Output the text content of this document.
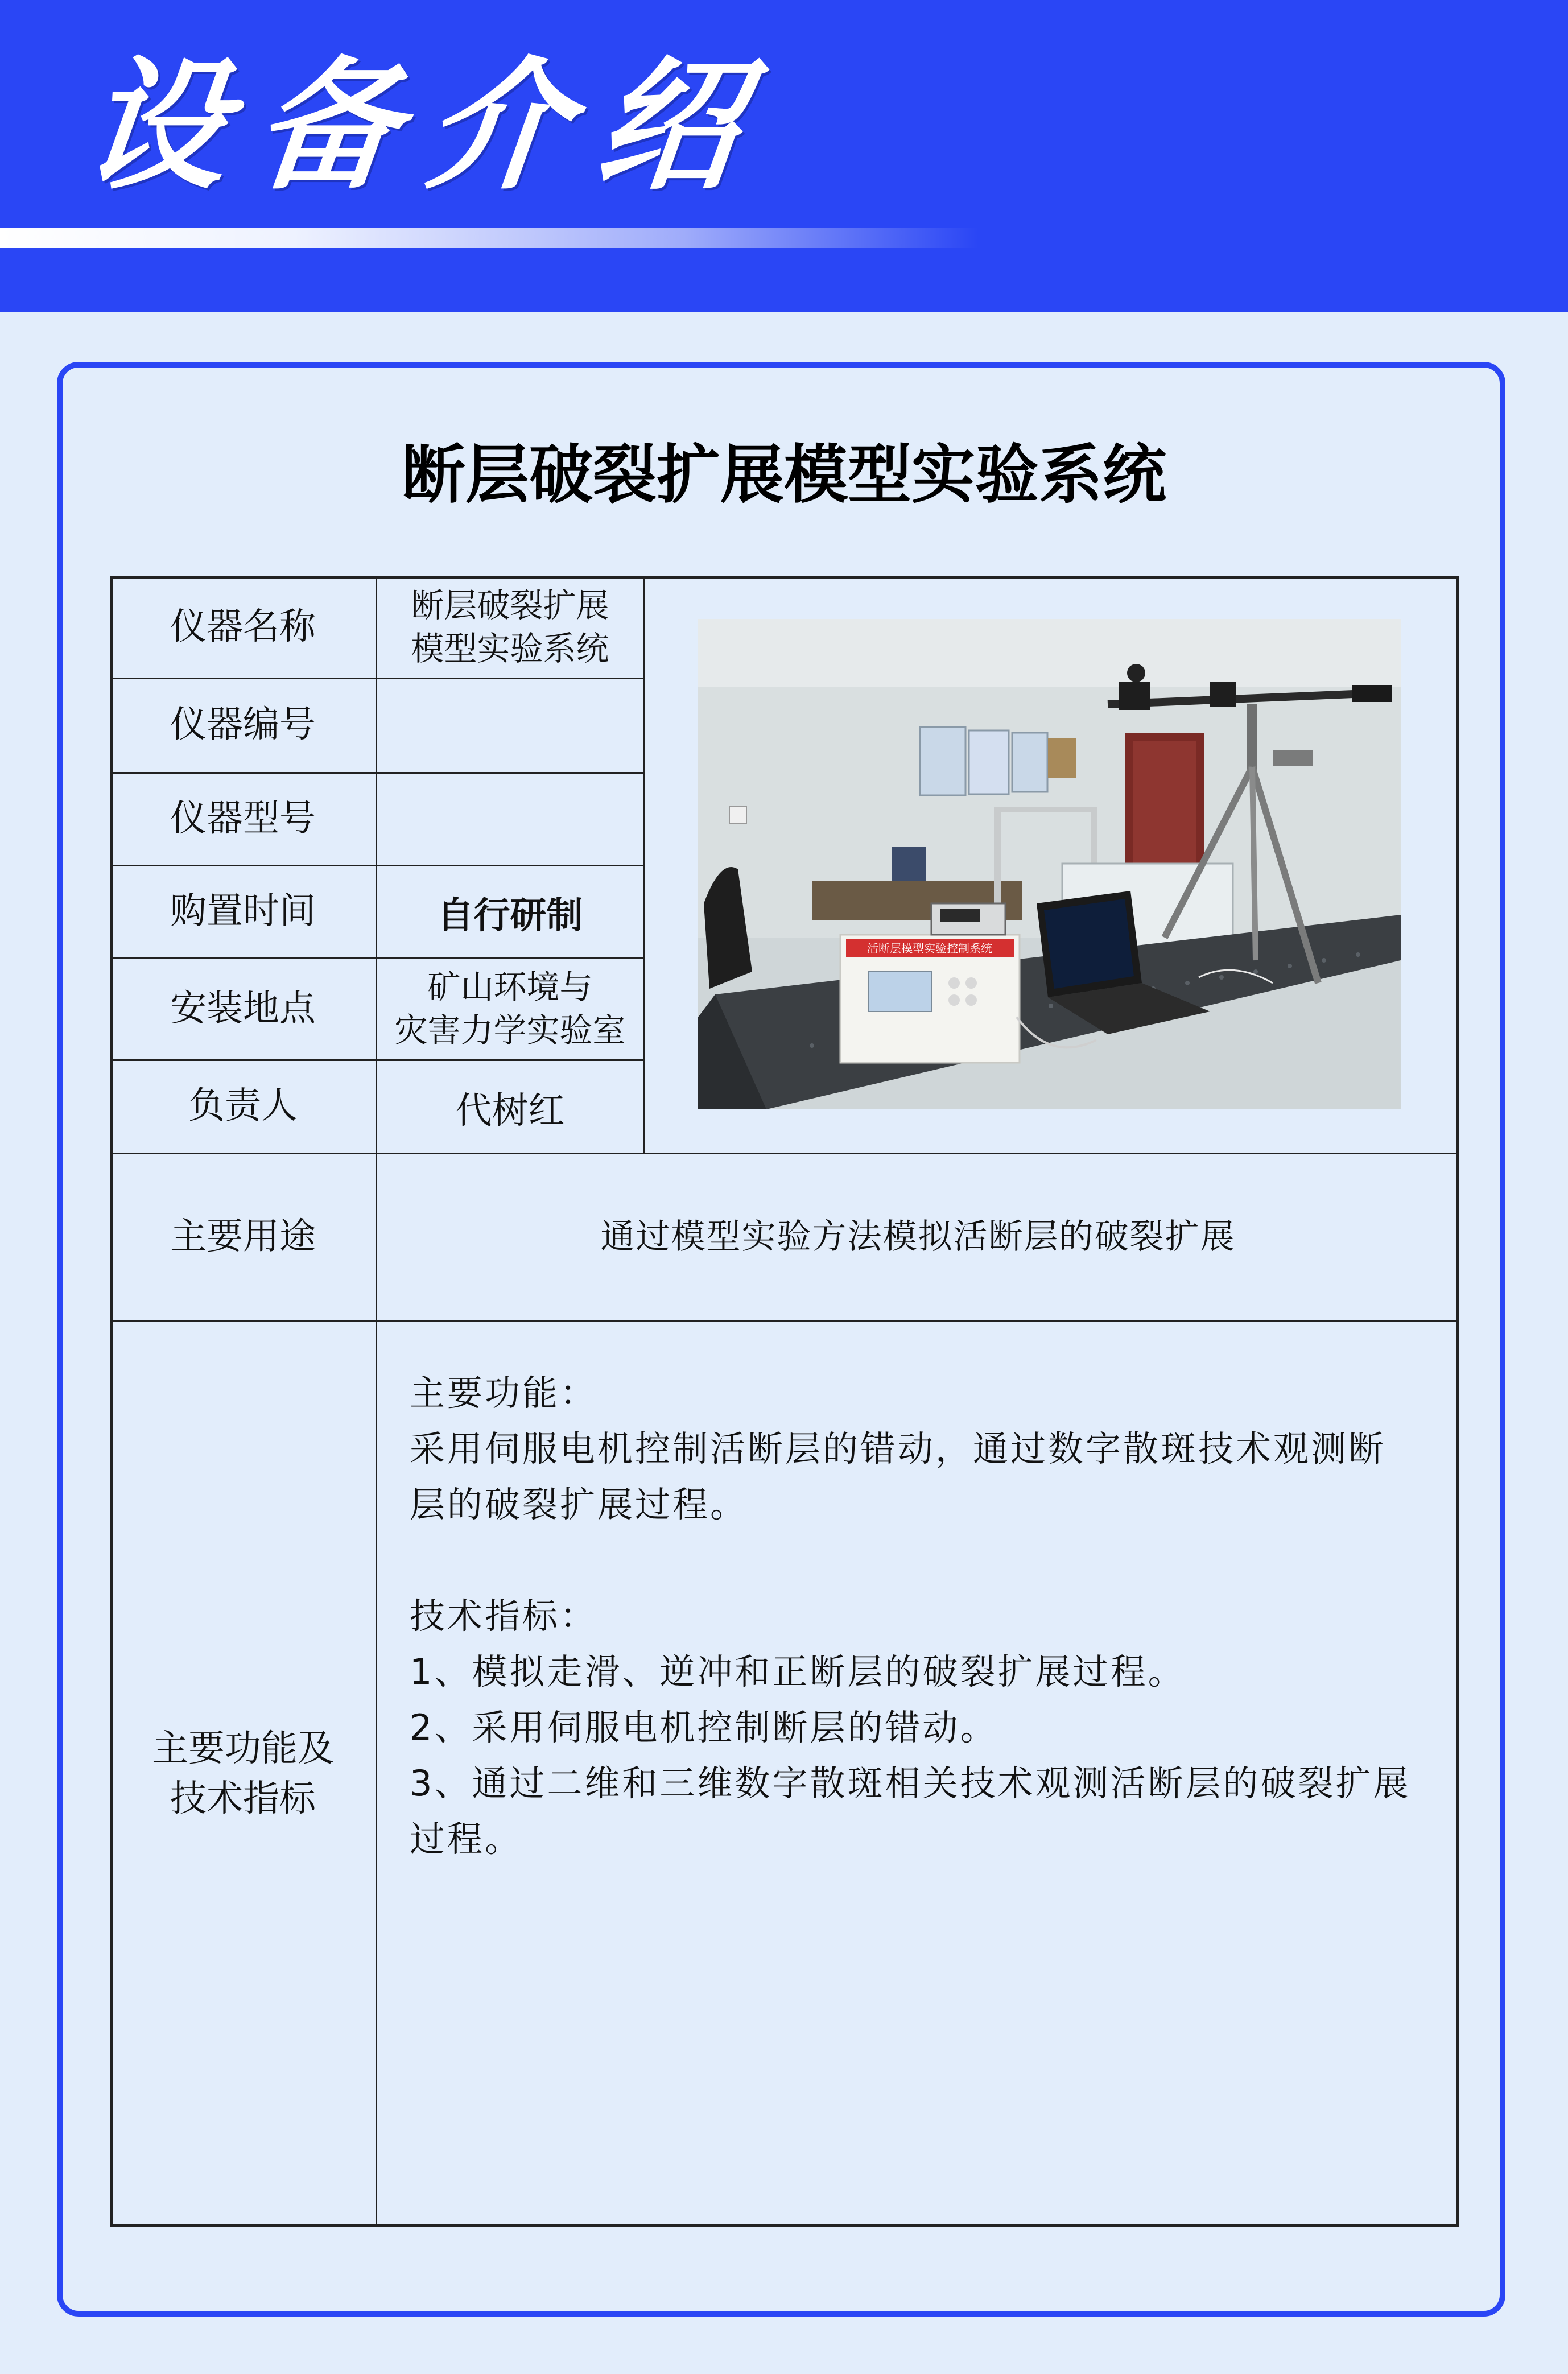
设备介绍
断层破裂扩展模型实验系统
仪器名称
仪器编号
仪器型号
购置时间
安装地点
负责人
主要用途
主要功能及
技术指标
断层破裂扩展
模型实验系统
自行研制
矿山环境与
灾害力学实验室
代树红
通过模型实验方法模拟活断层的破裂扩展
活断层模型实验控制系统

主要功能：

采用伺服电机控制活断层的错动，通过数字散斑技术观测断层的破裂扩展过程。

技术指标：

1、模拟走滑、逆冲和正断层的破裂扩展过程。

2、采用伺服电机控制断层的错动。

3、通过二维和三维数字散斑相关技术观测活断层的破裂扩展过程。
